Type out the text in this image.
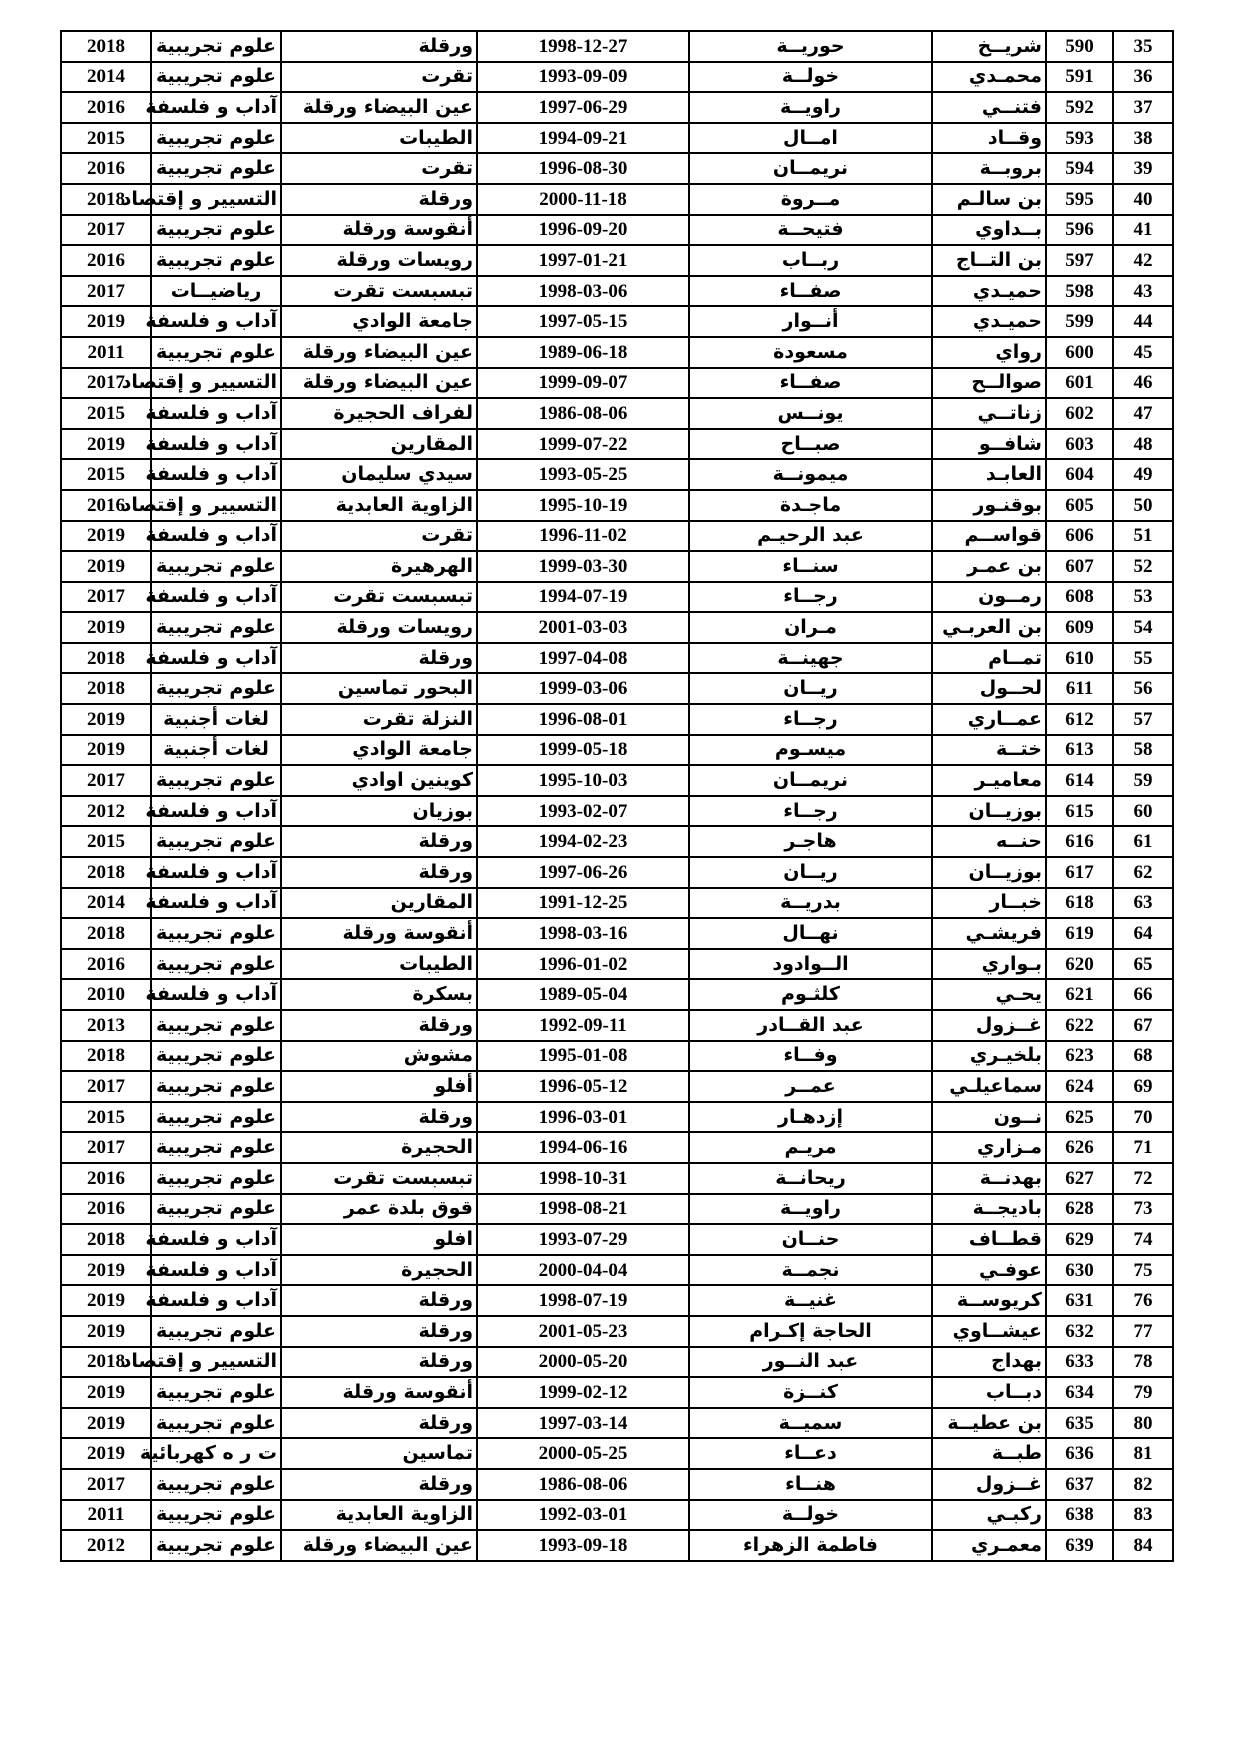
35	590	شريــخ	حوريــة	1998-12-27	ورقلة	علوم تجريبية	2018
36	591	محمـدي	خولــة	1993-09-09	تقرت	علوم تجريبية	2014
37	592	فتنــي	راويــة	1997-06-29	عين البيضاء ورقلة	آداب و فلسفة	2016
38	593	وقــاد	امــال	1994-09-21	الطيبات	علوم تجريبية	2015
39	594	بروبــة	نريمــان	1996-08-30	تقرت	علوم تجريبية	2016
40	595	بن سالـم	مــروة	2000-11-18	ورقلة	التسيير و إقتصاد	2018
41	596	بــداوي	فتيحــة	1996-09-20	أنقوسة ورقلة	علوم تجريبية	2017
42	597	بن التــاج	ربــاب	1997-01-21	رويسات ورقلة	علوم تجريبية	2016
43	598	حميـدي	صفــاء	1998-03-06	تبسبست تقرت	رياضيــات	2017
44	599	حميـدي	أنــوار	1997-05-15	جامعة الوادي	آداب و فلسفة	2019
45	600	رواي	مسعودة	1989-06-18	عين البيضاء ورقلة	علوم تجريبية	2011
46	601	صوالــح	صفــاء	1999-09-07	عين البيضاء ورقلة	التسيير و إقتصاد	2017
47	602	زناتــي	يونــس	1986-08-06	لفراف الحجيرة	آداب و فلسفة	2015
48	603	شافــو	صبــاح	1999-07-22	المقارين	آداب و فلسفة	2019
49	604	العابـد	ميمونــة	1993-05-25	سيدي سليمان	آداب و فلسفة	2015
50	605	بوقنـور	ماجـدة	1995-10-19	الزاوية العابدية	التسيير و إقتصاد	2016
51	606	قواســم	عبد الرحيـم	1996-11-02	تقرت	آداب و فلسفة	2019
52	607	بن عمـر	سنــاء	1999-03-30	الهرهيرة	علوم تجريبية	2019
53	608	رمــون	رجــاء	1994-07-19	تبسبست تقرت	آداب و فلسفة	2017
54	609	بن العربـي	مـران	2001-03-03	رويسات ورقلة	علوم تجريبية	2019
55	610	تمــام	جهينــة	1997-04-08	ورقلة	آداب و فلسفة	2018
56	611	لحــول	ريــان	1999-03-06	البحور تماسين	علوم تجريبية	2018
57	612	عمــاري	رجــاء	1996-08-01	النزلة تقرت	لغات أجنبية	2019
58	613	ختــة	ميسـوم	1999-05-18	جامعة الوادي	لغات أجنبية	2019
59	614	معاميـر	نريمــان	1995-10-03	كوينين اوادي	علوم تجريبية	2017
60	615	بوزيــان	رجــاء	1993-02-07	بوزيان	آداب و فلسفة	2012
61	616	حنــه	هاجـر	1994-02-23	ورقلة	علوم تجريبية	2015
62	617	بوزيــان	ريــان	1997-06-26	ورقلة	آداب و فلسفة	2018
63	618	خبــار	بدريــة	1991-12-25	المقارين	آداب و فلسفة	2014
64	619	فريشـي	نهــال	1998-03-16	أنقوسة ورقلة	علوم تجريبية	2018
65	620	بـواري	الــوادود	1996-01-02	الطيبات	علوم تجريبية	2016
66	621	يحـي	كلثـوم	1989-05-04	بسكرة	آداب و فلسفة	2010
67	622	غــزول	عبد القــادر	1992-09-11	ورقلة	علوم تجريبية	2013
68	623	بلخيـري	وفــاء	1995-01-08	مشوش	علوم تجريبية	2018
69	624	سماعيلـي	عمــر	1996-05-12	أفلو	علوم تجريبية	2017
70	625	نــون	إزدهـار	1996-03-01	ورقلة	علوم تجريبية	2015
71	626	مـزاري	مريـم	1994-06-16	الحجيرة	علوم تجريبية	2017
72	627	بهدنــة	ريحانــة	1998-10-31	تبسبست تقرت	علوم تجريبية	2016
73	628	باديجــة	راويــة	1998-08-21	قوق بلدة عمر	علوم تجريبية	2016
74	629	قطــاف	حنــان	1993-07-29	افلو	آداب و فلسفة	2018
75	630	عوفـي	نجمــة	2000-04-04	الحجيرة	آداب و فلسفة	2019
76	631	كريوســة	غنيــة	1998-07-19	ورقلة	آداب و فلسفة	2019
77	632	عيشــاوي	الحاجة إكـرام	2001-05-23	ورقلة	علوم تجريبية	2019
78	633	بهداج	عبد النــور	2000-05-20	ورقلة	التسيير و إقتصاد	2018
79	634	دبــاب	كنــزة	1999-02-12	أنقوسة ورقلة	علوم تجريبية	2019
80	635	بن عطيــة	سميــة	1997-03-14	ورقلة	علوم تجريبية	2019
81	636	طبــة	دعــاء	2000-05-25	تماسين	ت ر ه كهربائية	2019
82	637	غــزول	هنــاء	1986-08-06	ورقلة	علوم تجريبية	2017
83	638	ركبـي	خولــة	1992-03-01	الزاوية العابدية	علوم تجريبية	2011
84	639	معمـري	فاطمة الزهراء	1993-09-18	عين البيضاء ورقلة	علوم تجريبية	2012
